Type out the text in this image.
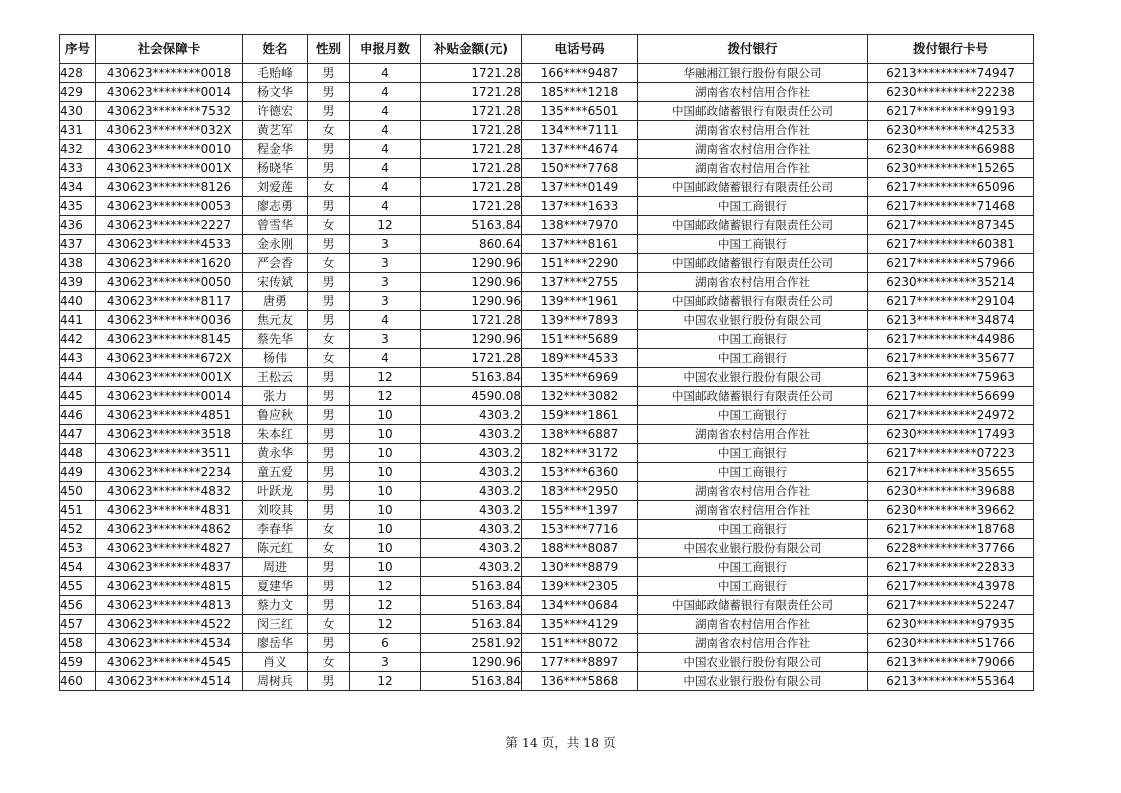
序号	社会保障卡	姓名	性别	申报月数	补贴金额(元)	电话号码	拨付银行	拨付银行卡号
428	430623********0018	毛贻峰	男	4	1721.28	166****9487	华融湘江银行股份有限公司	6213**********74947
429	430623********0014	杨文华	男	4	1721.28	185****1218	湖南省农村信用合作社	6230**********22238
430	430623********7532	许德宏	男	4	1721.28	135****6501	中国邮政储蓄银行有限责任公司	6217**********99193
431	430623********032X	黄艺军	女	4	1721.28	134****7111	湖南省农村信用合作社	6230**********42533
432	430623********0010	程金华	男	4	1721.28	137****4674	湖南省农村信用合作社	6230**********66988
433	430623********001X	杨晓华	男	4	1721.28	150****7768	湖南省农村信用合作社	6230**********15265
434	430623********8126	刘爱莲	女	4	1721.28	137****0149	中国邮政储蓄银行有限责任公司	6217**********65096
435	430623********0053	廖志勇	男	4	1721.28	137****1633	中国工商银行	6217**********71468
436	430623********2227	曾雪华	女	12	5163.84	138****7970	中国邮政储蓄银行有限责任公司	6217**********87345
437	430623********4533	金永刚	男	3	860.64	137****8161	中国工商银行	6217**********60381
438	430623********1620	严会香	女	3	1290.96	151****2290	中国邮政储蓄银行有限责任公司	6217**********57966
439	430623********0050	宋传斌	男	3	1290.96	137****2755	湖南省农村信用合作社	6230**********35214
440	430623********8117	唐勇	男	3	1290.96	139****1961	中国邮政储蓄银行有限责任公司	6217**********29104
441	430623********0036	焦元友	男	4	1721.28	139****7893	中国农业银行股份有限公司	6213**********34874
442	430623********8145	蔡先华	女	3	1290.96	151****5689	中国工商银行	6217**********44986
443	430623********672X	杨伟	女	4	1721.28	189****4533	中国工商银行	6217**********35677
444	430623********001X	王松云	男	12	5163.84	135****6969	中国农业银行股份有限公司	6213**********75963
445	430623********0014	张力	男	12	4590.08	132****3082	中国邮政储蓄银行有限责任公司	6217**********56699
446	430623********4851	鲁应秋	男	10	4303.2	159****1861	中国工商银行	6217**********24972
447	430623********3518	朱本红	男	10	4303.2	138****6887	湖南省农村信用合作社	6230**********17493
448	430623********3511	黄永华	男	10	4303.2	182****3172	中国工商银行	6217**********07223
449	430623********2234	童五爱	男	10	4303.2	153****6360	中国工商银行	6217**********35655
450	430623********4832	叶跃龙	男	10	4303.2	183****2950	湖南省农村信用合作社	6230**********39688
451	430623********4831	刘咬其	男	10	4303.2	155****1397	湖南省农村信用合作社	6230**********39662
452	430623********4862	李春华	女	10	4303.2	153****7716	中国工商银行	6217**********18768
453	430623********4827	陈元红	女	10	4303.2	188****8087	中国农业银行股份有限公司	6228**********37766
454	430623********4837	周进	男	10	4303.2	130****8879	中国工商银行	6217**********22833
455	430623********4815	夏建华	男	12	5163.84	139****2305	中国工商银行	6217**********43978
456	430623********4813	蔡力文	男	12	5163.84	134****0684	中国邮政储蓄银行有限责任公司	6217**********52247
457	430623********4522	闵三红	女	12	5163.84	135****4129	湖南省农村信用合作社	6230**********97935
458	430623********4534	廖岳华	男	6	2581.92	151****8072	湖南省农村信用合作社	6230**********51766
459	430623********4545	肖义	女	3	1290.96	177****8897	中国农业银行股份有限公司	6213**********79066
460	430623********4514	周树兵	男	12	5163.84	136****5868	中国农业银行股份有限公司	6213**********55364
第 14 页，共 18 页
